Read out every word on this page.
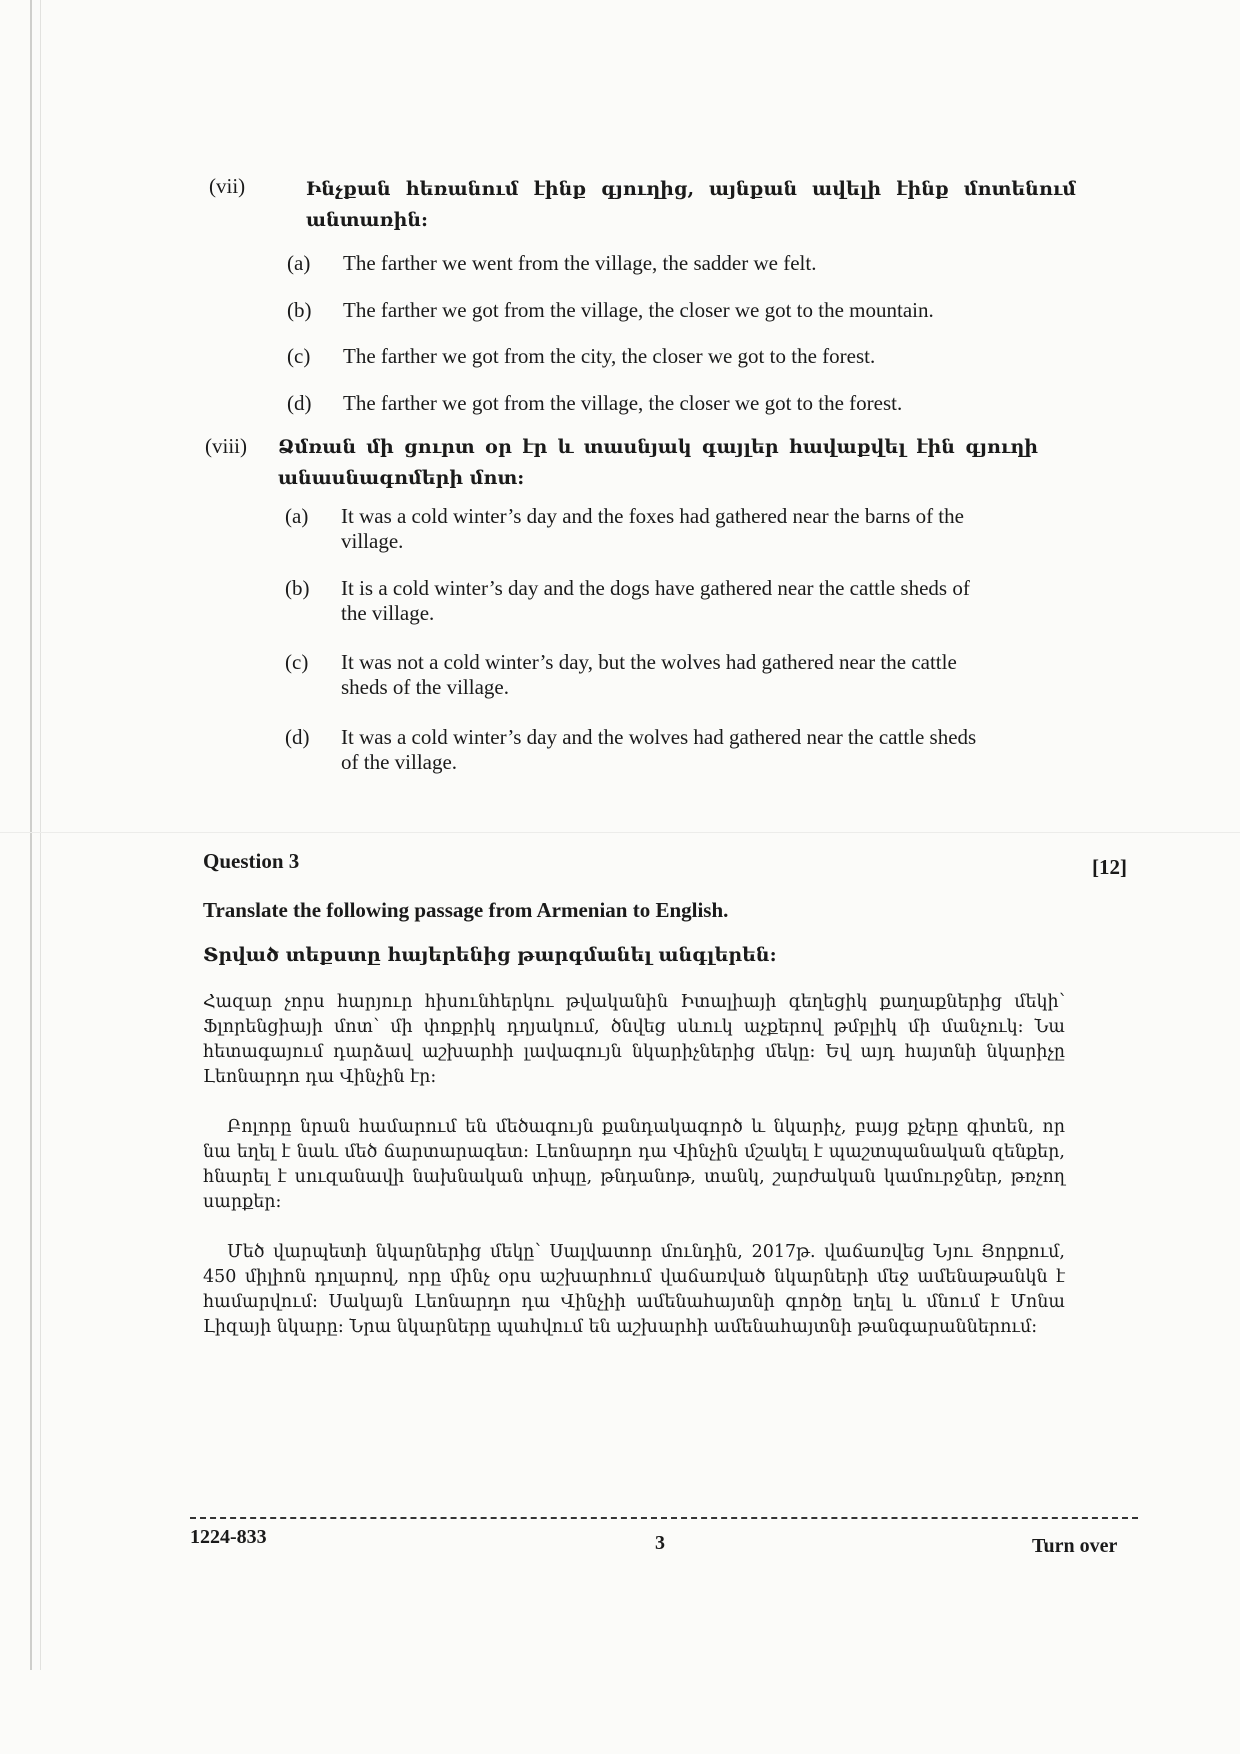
(vii)	Ինչքան հեռանում էինք գյուղից, այնքան ավելի էինք մոտենում անտառին:
(a) The farther we went from the village, the sadder we felt.
(b) The farther we got from the village, the closer we got to the mountain.
(c) The farther we got from the city, the closer we got to the forest.
(d) The farther we got from the village, the closer we got to the forest.
(viii) Ձմռան մի ցուրտ օր էր և տասնյակ գայլեր հավաքվել էին գյուղի անասնագոմերի մոտ:
(a) It was a cold winter’s day and the foxes had gathered near the barns of the
village.
(b) It is a cold winter’s day and the dogs have gathered near the cattle sheds of
the village.
(c) It was not a cold winter’s day, but the wolves had gathered near the cattle
sheds of the village.
(d) It was a cold winter’s day and the wolves had gathered near the cattle sheds
of the village.
Question 3	[12]
Translate the following passage from Armenian to English.
Տրված տեքստը հայերենից թարգմանել անգլերեն:
Հազար չորս հարյուր հիսունհերկու թվականին Իտալիայի գեղեցիկ քաղաքներից մեկի՝ Ֆլորենցիայի մոտ՝ մի փոքրիկ դղյակում, ծնվեց սևուկ աչքերով թմբլիկ մի մանչուկ: Նա հետագայում դարձավ աշխարհի լավագույն նկարիչներից մեկը: Եվ այդ հայտնի նկարիչը Լեոնարդո դա Վինչին էր:
Բոլորը նրան համարում են մեծագույն քանդակագործ և նկարիչ, բայց քչերը գիտեն, որ նա եղել է նաև մեծ ճարտարագետ: Լեոնարդո դա Վինչին մշակել է պաշտպանական զենքեր, հնարել է սուզանավի նախնական տիպը, թնդանոթ, տանկ, շարժական կամուրջներ, թռչող սարքեր:
Մեծ վարպետի նկարներից մեկը՝ Սալվատոր մունդին, 2017թ. վաճառվեց Նյու Յորքում, 450 միլիոն դոլարով, որը մինչ օրս աշխարհում վաճառված նկարների մեջ ամենաթանկն է համարվում: Սակայն Լեոնարդո դա Վինչիի ամենահայտնի գործը եղել և մնում է Մոնա Լիզայի նկարը: Նրա նկարները պահվում են աշխարհի ամենահայտնի թանգարաններում:
1224-833	3	Turn over
